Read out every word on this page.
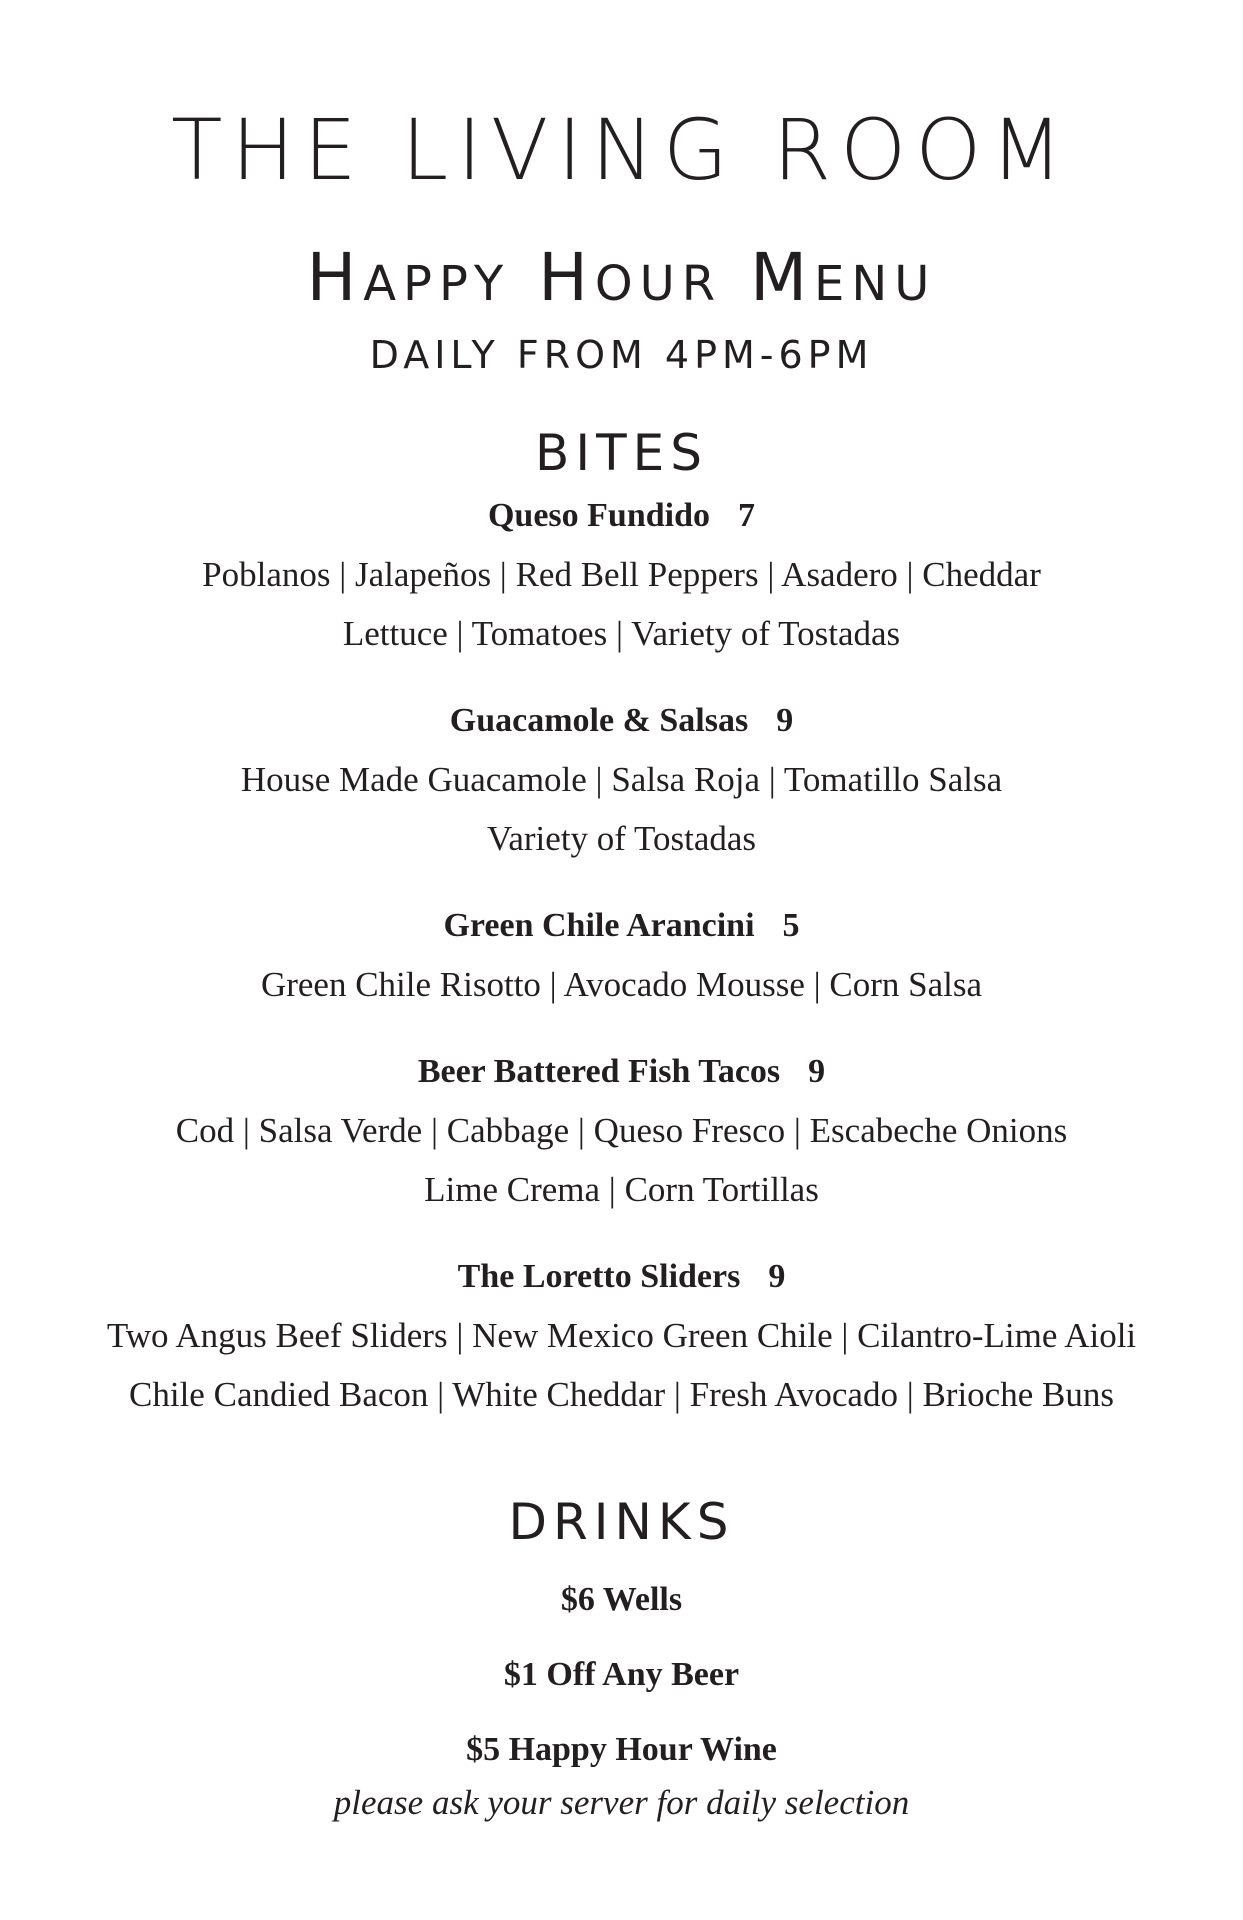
THE LIVING ROOM
HAPPY HOUR MENU
DAILY FROM 4PM-6PM
BITES
Queso Fundido 7
Poblanos | Jalapeños | Red Bell Peppers | Asadero | Cheddar
Lettuce | Tomatoes | Variety of Tostadas
Guacamole & Salsas 9
House Made Guacamole | Salsa Roja | Tomatillo Salsa
Variety of Tostadas
Green Chile Arancini 5
Green Chile Risotto | Avocado Mousse | Corn Salsa
Beer Battered Fish Tacos 9
Cod | Salsa Verde | Cabbage | Queso Fresco | Escabeche Onions
Lime Crema | Corn Tortillas
The Loretto Sliders 9
Two Angus Beef Sliders | New Mexico Green Chile | Cilantro-Lime Aioli
Chile Candied Bacon | White Cheddar | Fresh Avocado | Brioche Buns
DRINKS
$6 Wells
$1 Off Any Beer
$5 Happy Hour Wine
please ask your server for daily selection
